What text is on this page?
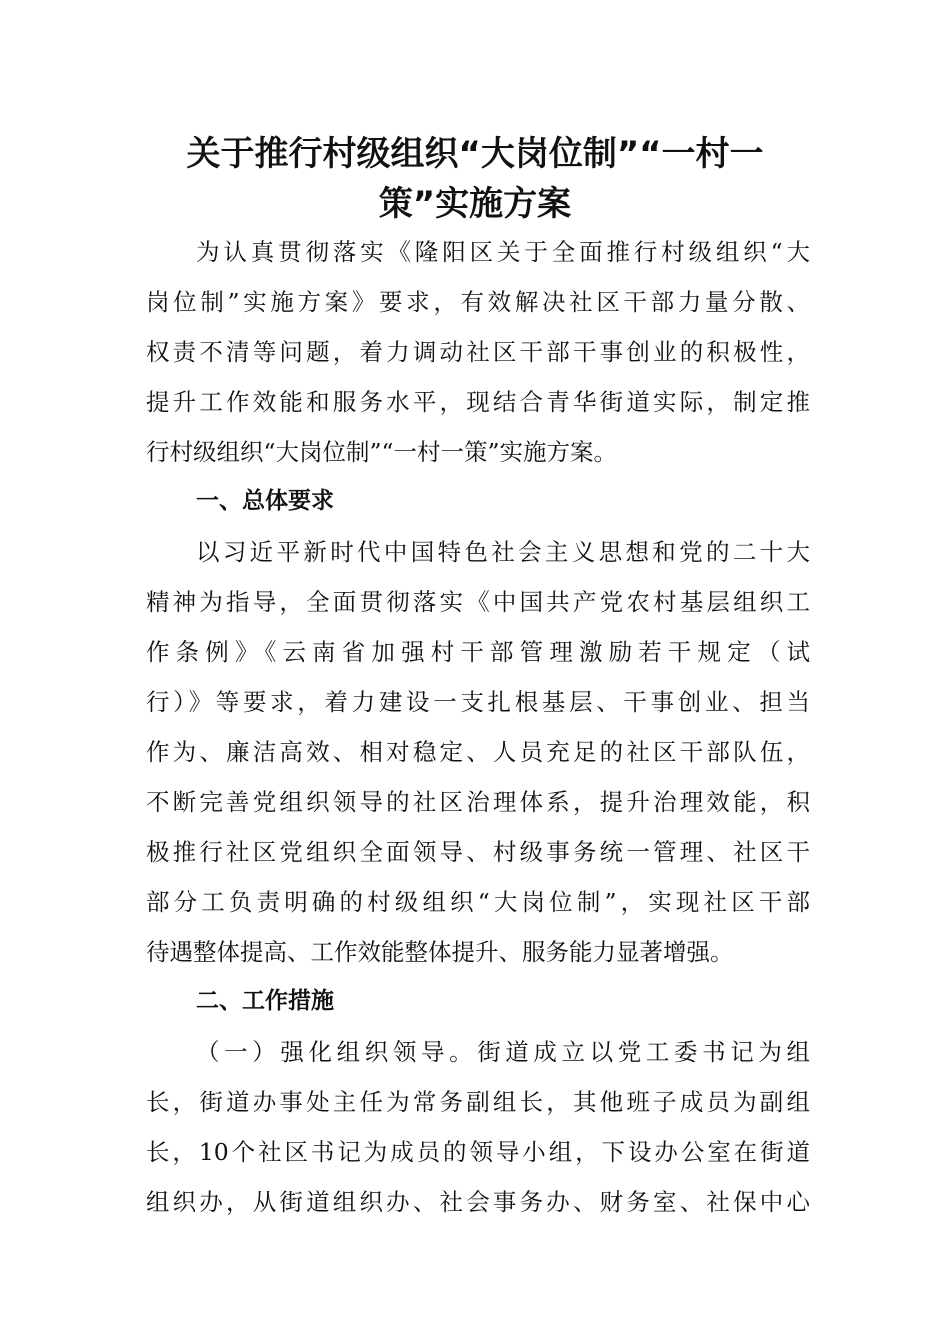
关于推行村级组织“大岗位制”“一村一
策”实施方案

为认真贯彻落实《隆阳区关于全面推行村级组织“大

岗位制”实施方案》要求，有效解决社区干部力量分散、

权责不清等问题，着力调动社区干部干事创业的积极性，

提升工作效能和服务水平，现结合青华街道实际，制定推

行村级组织“大岗位制”“一村一策”实施方案。

一、总体要求

以习近平新时代中国特色社会主义思想和党的二十大

精神为指导，全面贯彻落实《中国共产党农村基层组织工

作条例》《云南省加强村干部管理激励若干规定（试

行）》等要求，着力建设一支扎根基层、干事创业、担当

作为、廉洁高效、相对稳定、人员充足的社区干部队伍，

不断完善党组织领导的社区治理体系，提升治理效能，积

极推行社区党组织全面领导、村级事务统一管理、社区干

部分工负责明确的村级组织“大岗位制”，实现社区干部

待遇整体提高、工作效能整体提升、服务能力显著增强。

二、工作措施

（一）强化组织领导。街道成立以党工委书记为组

长，街道办事处主任为常务副组长，其他班子成员为副组

长，10个社区书记为成员的领导小组，下设办公室在街道

组织办，从街道组织办、社会事务办、财务室、社保中心
